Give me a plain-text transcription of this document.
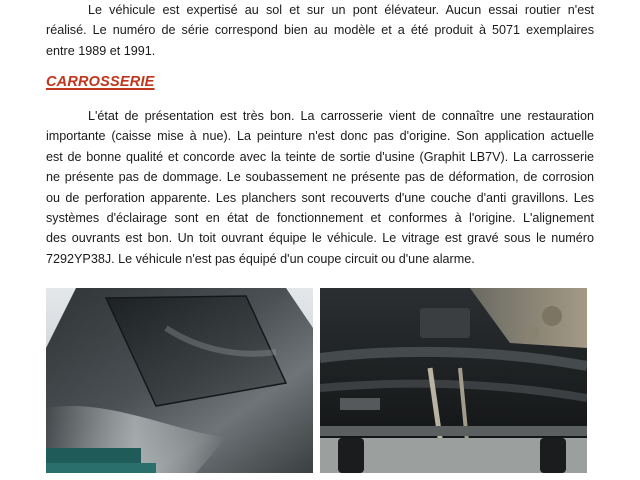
Le véhicule est expertisé au sol et sur un pont élévateur. Aucun essai routier n'est
réalisé. Le numéro de série correspond bien au modèle et a été produit à 5071 exemplaires
entre 1989 et 1991.

CARROSSERIE

L'état de présentation est très bon. La carrosserie vient de connaître une restauration
importante (caisse mise à nue). La peinture n'est donc pas d'origine. Son application actuelle
est de bonne qualité et concorde avec la teinte de sortie d'usine (Graphit LB7V). La carrosserie
ne présente pas de dommage. Le soubassement ne présente pas de déformation, de corrosion
ou de perforation apparente. Les planchers sont recouverts d'une couche d'anti gravillons. Les
systèmes d'éclairage sont en état de fonctionnement et conformes à l'origine. L'alignement
des ouvrants est bon. Un toit ouvrant équipe le véhicule. Le vitrage est gravé sous le numéro
7292YP38J. Le véhicule n'est pas équipé d'un coupe circuit ou d'une alarme.
